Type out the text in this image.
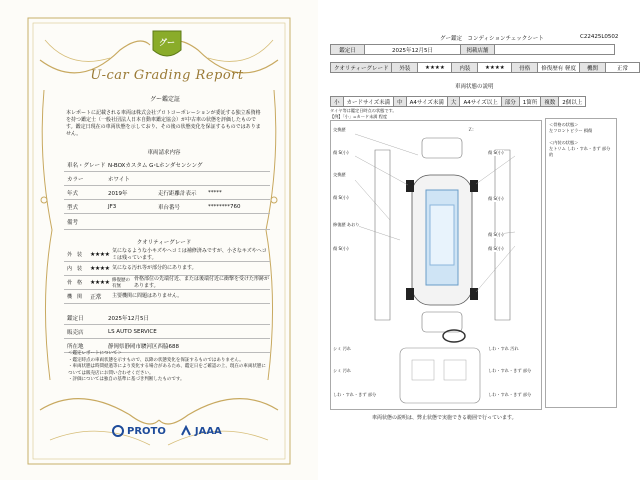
グー
U-car Grading Report
グー鑑定証
本レポートに記載される車両は株式会社プロトコーポレーションが委託する独立系資格を持つ鑑定士（一般社団法人日本自動車鑑定協会）が中古車の状態を評価したものです。鑑定日現在の車両状態を示しており、その後の状態変化を保証するものではありません。
車両請求内容
車名・グレード N-BOXカスタム G･Lホンダセンシング
カラー	ホワイト
年式	2019年	走行距離計表示	*****
型式	JF3	車台番号	********760
備考
クオリティーグレード
外　装	★★★★ 気になるような小キズやヘコミは補修済みですが、小さなキズやヘコミは残っています。
内　装	★★★★ 気になる汚れ等が部分的にあります。
骨　格	★★★★ 修復歴の有無
骨格部位の先端付近、または後端付近に衝撃を受けた形跡があります。
機　関	正常	主要機関に問題はありません。
鑑定日	2025年12月5日
販売店	LS AUTO SERVICE
所在地	静岡県静岡市駿河区西脇688
＜鑑定レポートについて＞
・鑑定時点の車両状態を示すもので、以降の状態変化を保証するものではありません。
・車両状態は時間経過等により変化する場合があるため、鑑定日をご確認の上、現在の車両状態については販売店にお問い合わせください。
・評価については独自の基準に基づき判断したものです。
PROTO	JAAA
グー鑑定　コンディションチェックシート	C22425L0502
鑑定日	2025年12月5日	掲載店舗	
クオリティーグレード	外装	★★★★	内装	★★★★	骨格	修復歴有 軽度	機関	正常
車両状態の説明
小	カードサイズ未満	中	A4サイズ未満	大	A4サイズ以上	部分	1箇所	複数	2個以上
タイヤ等は鑑定日時点の状態です。
【例】「小」=カード未満 程度
交換歴
傷 S(小)
交換歴
傷 S(小)
修復歴 あおり
傷 S(小)
Ｚ:
傷 S(小)
傷 S(小)
傷 S(小)
傷 S(小)
シミ 汚れ
シミ 汚れ
しわ・すれ 汚れ
しわ・すれ・きず 部分
しわ・すれ・きず 部分	しわ・すれ・きず 部分
＜骨格の状態＞
左フロントピラー 損傷

＜内装の状態＞
左トリム しわ・すれ・きず 部分的
車両状態の説明は、弊止状態で実施できる範囲で行っています。
